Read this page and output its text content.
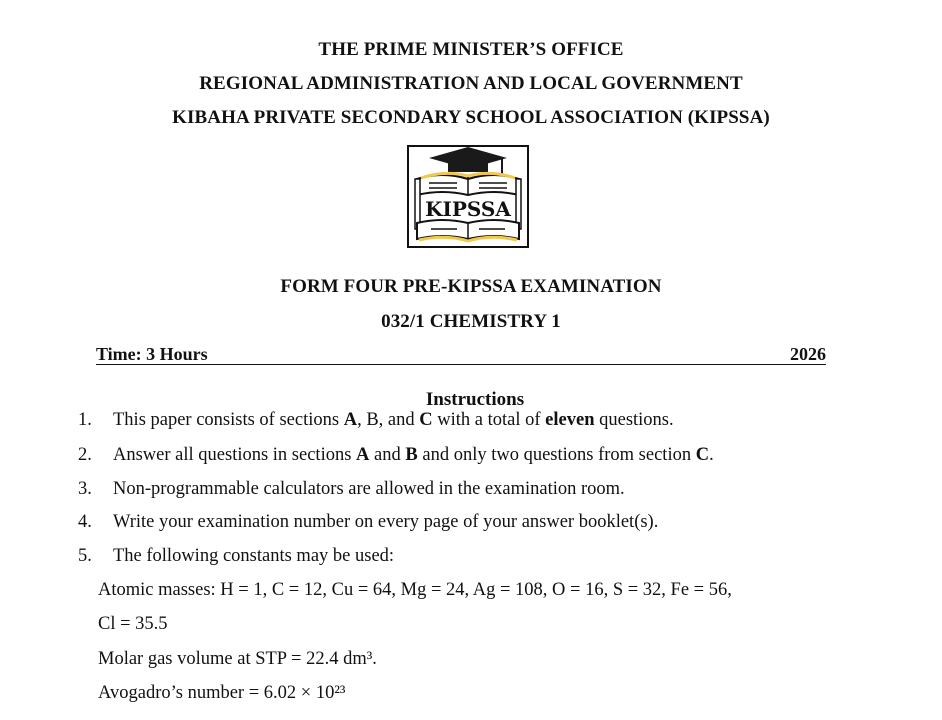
THE PRIME MINISTER’S OFFICE
REGIONAL ADMINISTRATION AND LOCAL GOVERNMENT
KIBAHA PRIVATE SECONDARY SCHOOL ASSOCIATION (KIPSSA)
KIPSSA
FORM FOUR PRE-KIPSSA EXAMINATION
032/1 CHEMISTRY 1
Time: 3 Hours	2026
Instructions
1. This paper consists of sections A, B, and C with a total of eleven questions.
2. Answer all questions in sections A and B and only two questions from section C.
3. Non-programmable calculators are allowed in the examination room.
4. Write your examination number on every page of your answer booklet(s).
5. The following constants may be used:
Atomic masses: H = 1, C = 12, Cu = 64, Mg = 24, Ag = 108, O = 16, S = 32, Fe = 56,
Cl = 35.5
Molar gas volume at STP = 22.4 dm³.
Avogadro’s number = 6.02 × 10²³
